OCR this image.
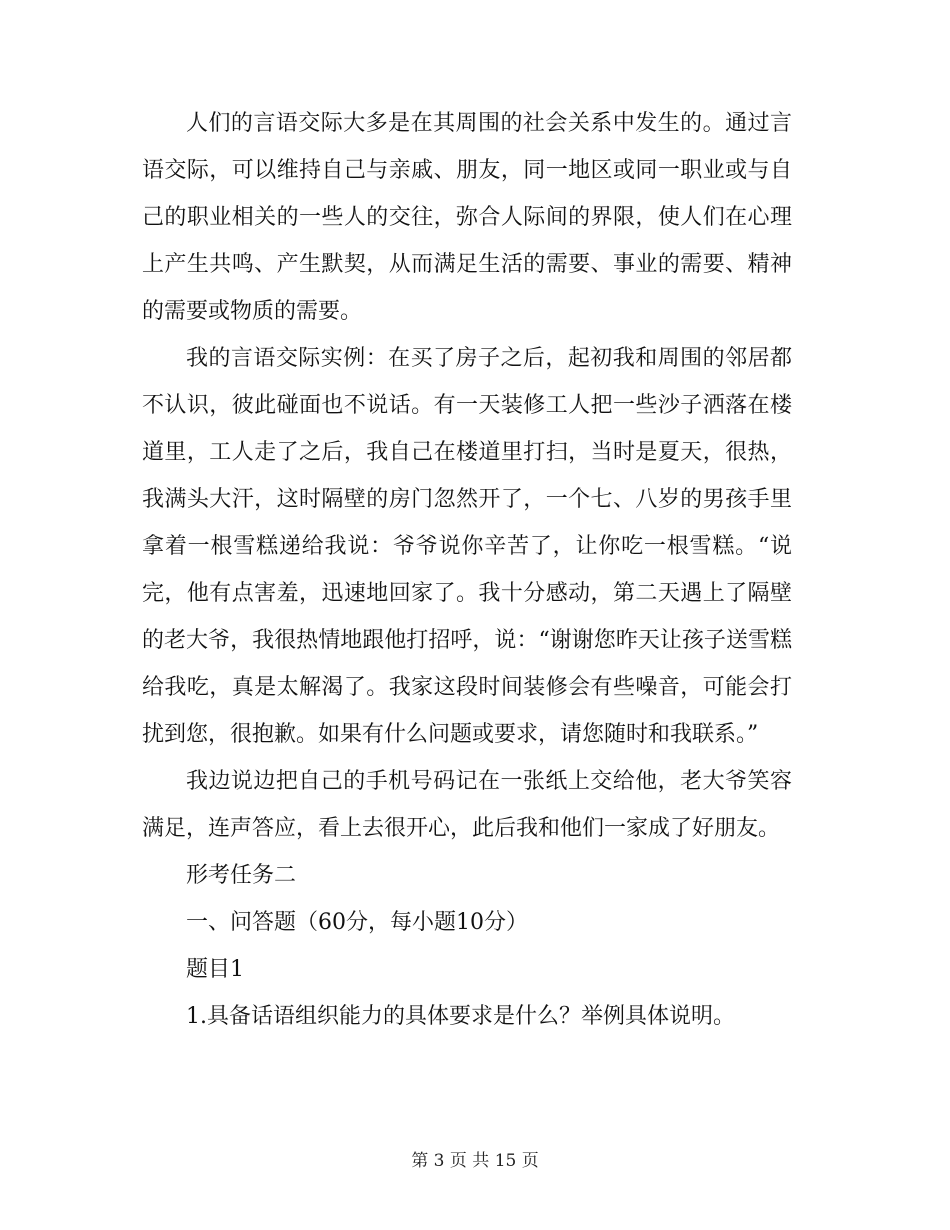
人们的言语交际大多是在其周围的社会关系中发生的。通过言语交际，可以维持自己与亲戚、朋友，同一地区或同一职业或与自己的职业相关的一些人的交往，弥合人际间的界限，使人们在心理上产生共鸣、产生默契，从而满足生活的需要、事业的需要、精神的需要或物质的需要。

我的言语交际实例：在买了房子之后，起初我和周围的邻居都不认识，彼此碰面也不说话。有一天装修工人把一些沙子洒落在楼道里，工人走了之后，我自己在楼道里打扫，当时是夏天，很热，我满头大汗，这时隔壁的房门忽然开了，一个七、八岁的男孩手里拿着一根雪糕递给我说：爷爷说你辛苦了，让你吃一根雪糕。“说完，他有点害羞，迅速地回家了。我十分感动，第二天遇上了隔壁的老大爷，我很热情地跟他打招呼，说：“谢谢您昨天让孩子送雪糕给我吃，真是太解渴了。我家这段时间装修会有些噪音，可能会打扰到您，很抱歉。如果有什么问题或要求，请您随时和我联系。”

我边说边把自己的手机号码记在一张纸上交给他，老大爷笑容满足，连声答应，看上去很开心，此后我和他们一家成了好朋友。

形考任务二

一、问答题（60分，每小题10分）

题目1

1.具备话语组织能力的具体要求是什么？举例具体说明。

第 3 页 共 15 页
